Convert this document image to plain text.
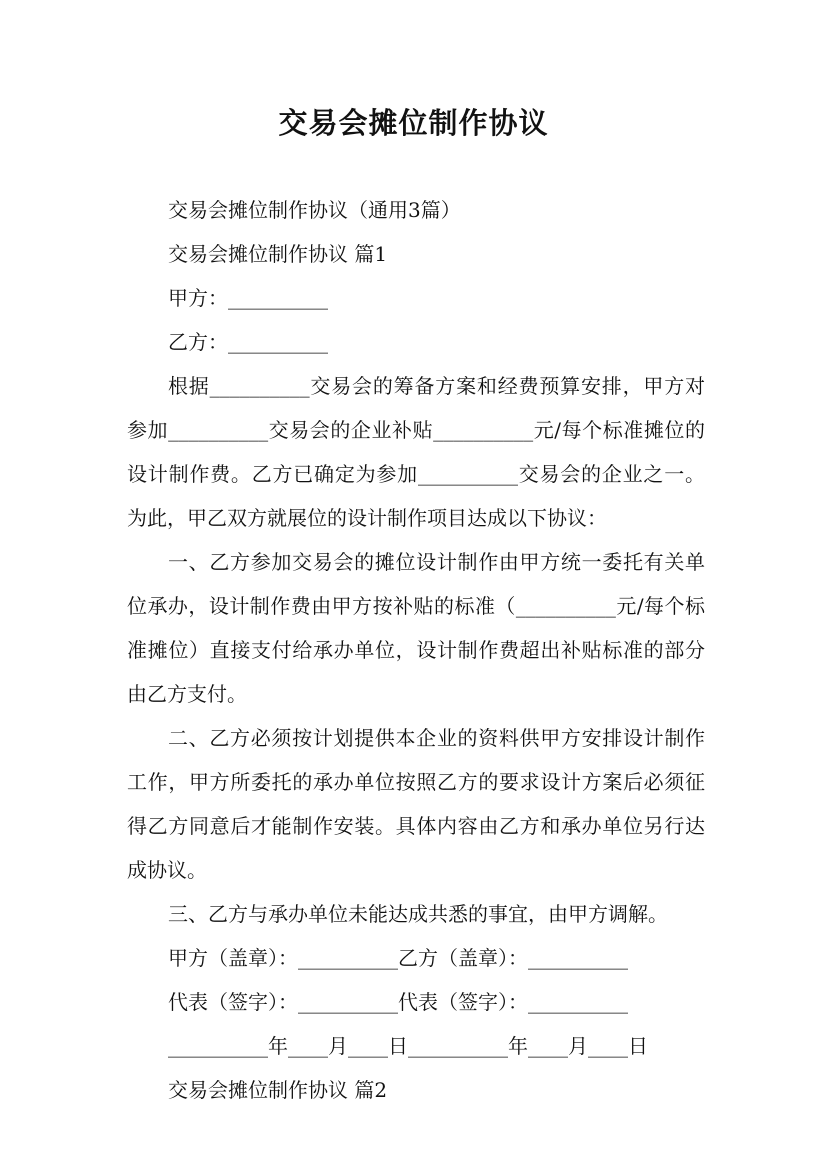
交易会摊位制作协议
交易会摊位制作协议（通用3篇）
交易会摊位制作协议 篇1
甲方：__________
乙方：__________

根据__________交易会的筹备方案和经费预算安排，甲方对参加__________交易会的企业补贴__________元/每个标准摊位的设计制作费。乙方已确定为参加__________交易会的企业之一。为此，甲乙双方就展位的设计制作项目达成以下协议：

一、乙方参加交易会的摊位设计制作由甲方统一委托有关单位承办，设计制作费由甲方按补贴的标准（__________元/每个标准摊位）直接支付给承办单位，设计制作费超出补贴标准的部分由乙方支付。

二、乙方必须按计划提供本企业的资料供甲方安排设计制作工作，甲方所委托的承办单位按照乙方的要求设计方案后必须征得乙方同意后才能制作安装。具体内容由乙方和承办单位另行达成协议。

三、乙方与承办单位未能达成共悉的事宜，由甲方调解。
甲方（盖章）：__________乙方（盖章）：__________
代表（签字）：__________代表（签字）：__________
__________年____月____日__________年____月____日
交易会摊位制作协议 篇2
